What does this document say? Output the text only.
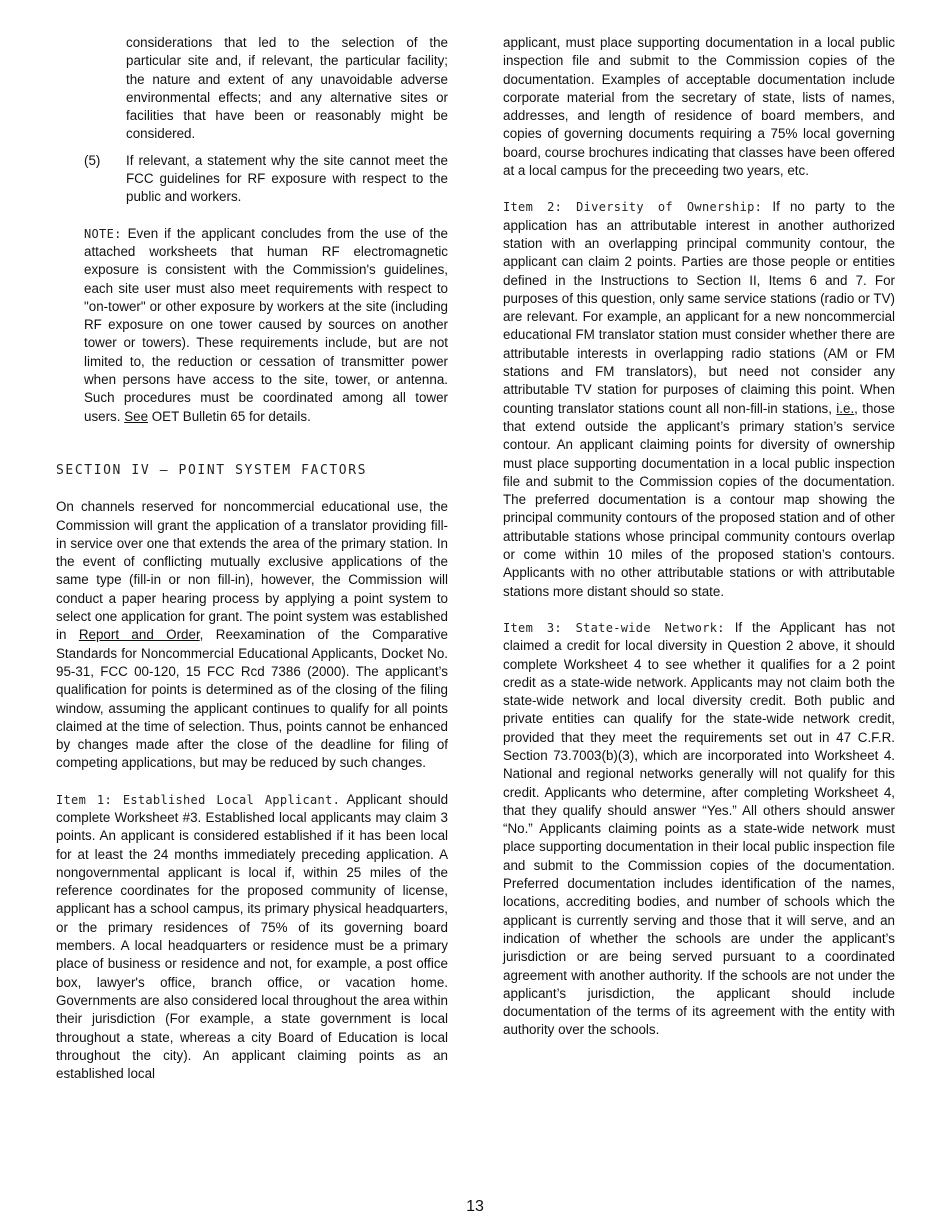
considerations that led to the selection of the particular site and, if relevant, the particular facility; the nature and extent of any unavoidable adverse environmental effects; and any alternative sites or facilities that have been or reasonably might be considered.

(5) If relevant, a statement why the site cannot meet the FCC guidelines for RF exposure with respect to the public and workers.

NOTE: Even if the applicant concludes from the use of the attached worksheets that human RF electromagnetic exposure is consistent with the Commission's guidelines, each site user must also meet requirements with respect to "on-tower" or other exposure by workers at the site (including RF exposure on one tower caused by sources on another tower or towers). These requirements include, but are not limited to, the reduction or cessation of transmitter power when persons have access to the site, tower, or antenna. Such procedures must be coordinated among all tower users. See OET Bulletin 65 for details.

SECTION IV – POINT SYSTEM FACTORS

On channels reserved for noncommercial educational use, the Commission will grant the application of a translator providing fill-in service over one that extends the area of the primary station. In the event of conflicting mutually exclusive applications of the same type (fill-in or non fill-in), however, the Commission will conduct a paper hearing process by applying a point system to select one application for grant. The point system was established in Report and Order, Reexamination of the Comparative Standards for Noncommercial Educational Applicants, Docket No. 95-31, FCC 00-120, 15 FCC Rcd 7386 (2000). The applicant’s qualification for points is determined as of the closing of the filing window, assuming the applicant continues to qualify for all points claimed at the time of selection. Thus, points cannot be enhanced by changes made after the close of the deadline for filing of competing applications, but may be reduced by such changes.

Item 1: Established Local Applicant. Applicant should complete Worksheet #3. Established local applicants may claim 3 points. An applicant is considered established if it has been local for at least the 24 months immediately preceding application. A nongovernmental applicant is local if, within 25 miles of the reference coordinates for the proposed community of license, applicant has a school campus, its primary physical headquarters, or the primary residences of 75% of its governing board members. A local headquarters or residence must be a primary place of business or residence and not, for example, a post office box, lawyer's office, branch office, or vacation home. Governments are also considered local throughout the area within their jurisdiction (For example, a state government is local throughout a state, whereas a city Board of Education is local throughout the city). An applicant claiming points as an established local

applicant, must place supporting documentation in a local public inspection file and submit to the Commission copies of the documentation. Examples of acceptable documentation include corporate material from the secretary of state, lists of names, addresses, and length of residence of board members, and copies of governing documents requiring a 75% local governing board, course brochures indicating that classes have been offered at a local campus for the preceeding two years, etc.

Item 2: Diversity of Ownership: If no party to the application has an attributable interest in another authorized station with an overlapping principal community contour, the applicant can claim 2 points. Parties are those people or entities defined in the Instructions to Section II, Items 6 and 7. For purposes of this question, only same service stations (radio or TV) are relevant. For example, an applicant for a new noncommercial educational FM translator station must consider whether there are attributable interests in overlapping radio stations (AM or FM stations and FM translators), but need not consider any attributable TV station for purposes of claiming this point. When counting translator stations count all non-fill-in stations, i.e., those that extend outside the applicant’s primary station’s service contour. An applicant claiming points for diversity of ownership must place supporting documentation in a local public inspection file and submit to the Commission copies of the documentation. The preferred documentation is a contour map showing the principal community contours of the proposed station and of other attributable stations whose principal community contours overlap or come within 10 miles of the proposed station’s contours. Applicants with no other attributable stations or with attributable stations more distant should so state.

Item 3: State-wide Network: If the Applicant has not claimed a credit for local diversity in Question 2 above, it should complete Worksheet 4 to see whether it qualifies for a 2 point credit as a state-wide network. Applicants may not claim both the state-wide network and local diversity credit. Both public and private entities can qualify for the state-wide network credit, provided that they meet the requirements set out in 47 C.F.R. Section 73.7003(b)(3), which are incorporated into Worksheet 4. National and regional networks generally will not qualify for this credit. Applicants who determine, after completing Worksheet 4, that they qualify should answer “Yes.” All others should answer “No.” Applicants claiming points as a state-wide network must place supporting documentation in their local public inspection file and submit to the Commission copies of the documentation. Preferred documentation includes identification of the names, locations, accrediting bodies, and number of schools which the applicant is currently serving and those that it will serve, and an indication of whether the schools are under the applicant’s jurisdiction or are being served pursuant to a coordinated agreement with another authority. If the schools are not under the applicant’s jurisdiction, the applicant should include documentation of the terms of its agreement with the entity with authority over the schools.

13
